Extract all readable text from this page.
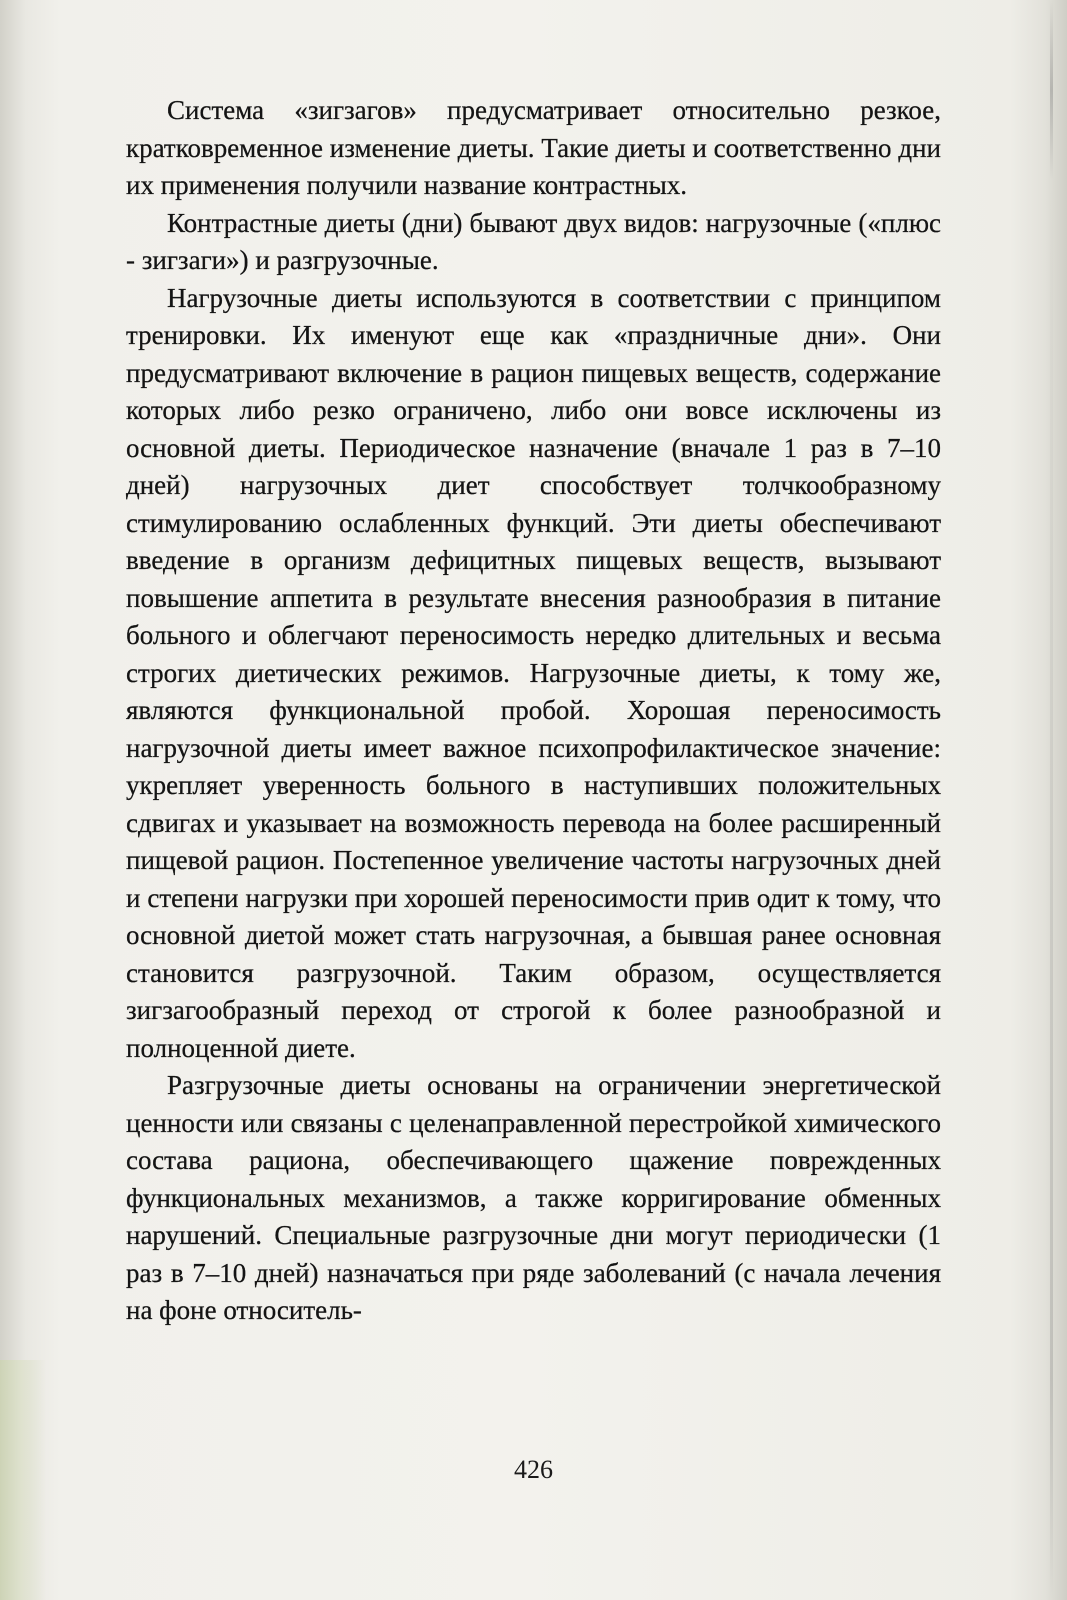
Система «зигзагов» предусматривает относительно резкое, кратковременное изменение диеты. Такие диеты и соответственно дни их применения получили название контрастных.

Контрастные диеты (дни) бывают двух видов: нагрузочные («плюс - зигзаги») и разгрузочные.

Нагрузочные диеты используются в соответствии с принципом тренировки. Их именуют еще как «праздничные дни». Они предусматривают включение в рацион пищевых веществ, содержание которых либо резко ограничено, либо они вовсе исключены из основной диеты. Периодическое назначение (вначале 1 раз в 7–10 дней) нагрузочных диет способствует толчкообразному стимулированию ослабленных функций. Эти диеты обеспечивают введение в организм дефицитных пищевых веществ, вызывают повышение аппетита в результате внесения разнообразия в питание больного и облегчают переносимость нередко длительных и весьма строгих диетических режимов. Нагрузочные диеты, к тому же, являются функциональной пробой. Хорошая переносимость нагрузочной диеты имеет важное психопрофилактическое значение: укрепляет уверенность больного в наступивших положительных сдвигах и указывает на возможность перевода на более расширенный пищевой рацион. Постепенное увеличение частоты нагрузочных дней и степени нагрузки при хорошей переносимости прив одит к тому, что основной диетой может стать нагрузочная, а бывшая ранее основная становится разгрузочной. Таким образом, осуществляется зигзагообразный переход от строгой к более разнообразной и полноценной диете.

Разгрузочные диеты основаны на ограничении энергетической ценности или связаны с целенаправленной перестройкой химического состава рациона, обеспечивающего щажение поврежденных функциональных механизмов, а также корригирование обменных нарушений. Специальные разгрузочные дни могут периодически (1 раз в 7–10 дней) назначаться при ряде заболеваний (с начала лечения на фоне относитель-

426
